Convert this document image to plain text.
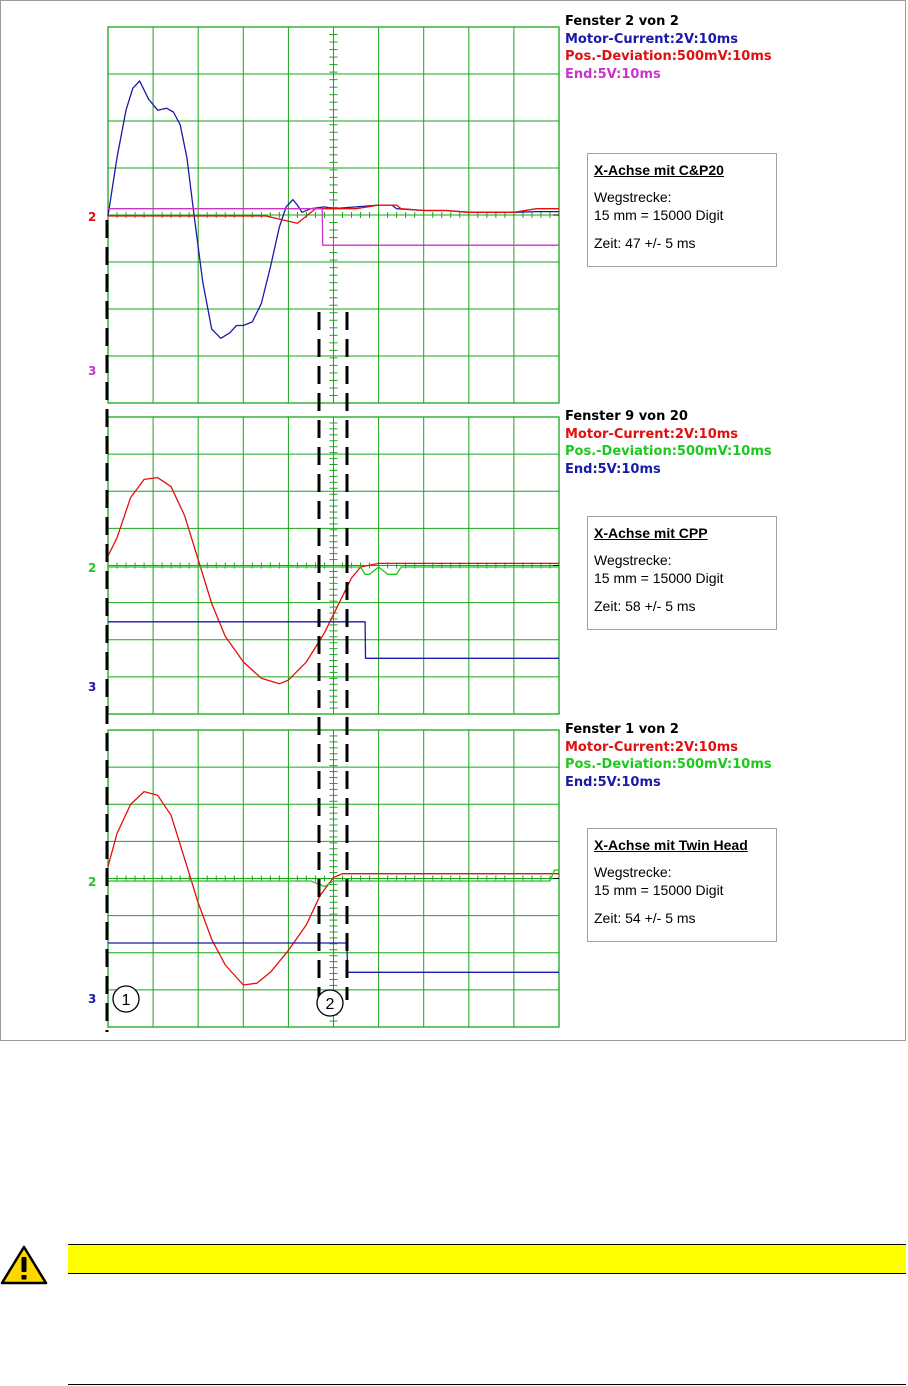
2
3
2
3
2
3 1	2
Fenster 2 von 2
Motor-Current:2V:10ms
Pos.-Deviation:500mV:10ms
End:5V:10ms
Fenster 9 von 20
Motor-Current:2V:10ms
Pos.-Deviation:500mV:10ms
End:5V:10ms
Fenster 1 von 2
Motor-Current:2V:10ms
Pos.-Deviation:500mV:10ms
End:5V:10ms
X-Achse mit C&P20
Wegstrecke:
15 mm = 15000 Digit
Zeit: 47 +/- 5 ms
X-Achse mit CPP
Wegstrecke:
15 mm = 15000 Digit
Zeit: 58 +/- 5 ms
X-Achse mit Twin Head
Wegstrecke:
15 mm = 15000 Digit
Zeit: 54 +/- 5 ms
